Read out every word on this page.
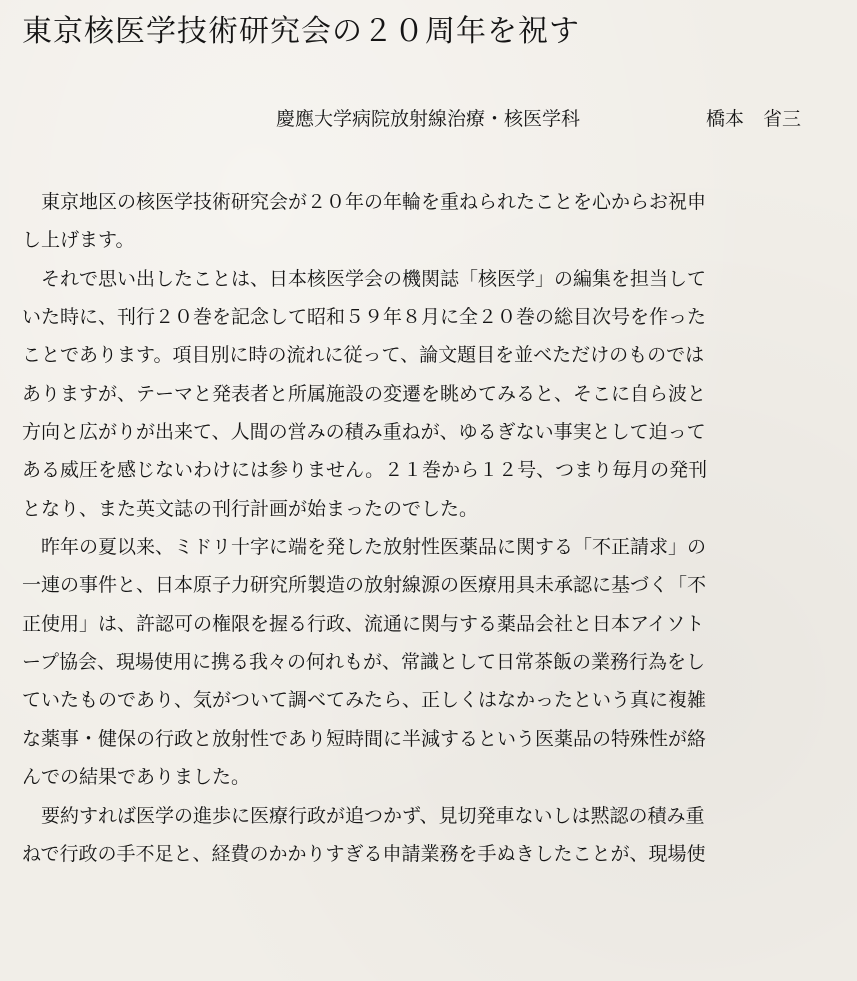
東京核医学技術研究会の２０周年を祝す
慶應大学病院放射線治療・核医学科	橋本　省三
　東京地区の核医学技術研究会が２０年の年輪を重ねられたことを心からお祝申
し上げます。
　それで思い出したことは、日本核医学会の機関誌「核医学」の編集を担当して
いた時に、刊行２０巻を記念して昭和５９年８月に全２０巻の総目次号を作った
ことであります。項目別に時の流れに従って、論文題目を並べただけのものでは
ありますが、テーマと発表者と所属施設の変遷を眺めてみると、そこに自ら波と
方向と広がりが出来て、人間の営みの積み重ねが、ゆるぎない事実として迫って
ある威圧を感じないわけには参りません。２１巻から１２号、つまり毎月の発刊
となり、また英文誌の刊行計画が始まったのでした。
　昨年の夏以来、ミドリ十字に端を発した放射性医薬品に関する「不正請求」の
一連の事件と、日本原子力研究所製造の放射線源の医療用具未承認に基づく「不
正使用」は、許認可の権限を握る行政、流通に関与する薬品会社と日本アイソト
ープ協会、現場使用に携る我々の何れもが、常識として日常茶飯の業務行為をし
ていたものであり、気がついて調べてみたら、正しくはなかったという真に複雑
な薬事・健保の行政と放射性であり短時間に半減するという医薬品の特殊性が絡
んでの結果でありました。
　要約すれば医学の進歩に医療行政が追つかず、見切発車ないしは黙認の積み重
ねで行政の手不足と、経費のかかりすぎる申請業務を手ぬきしたことが、現場使
